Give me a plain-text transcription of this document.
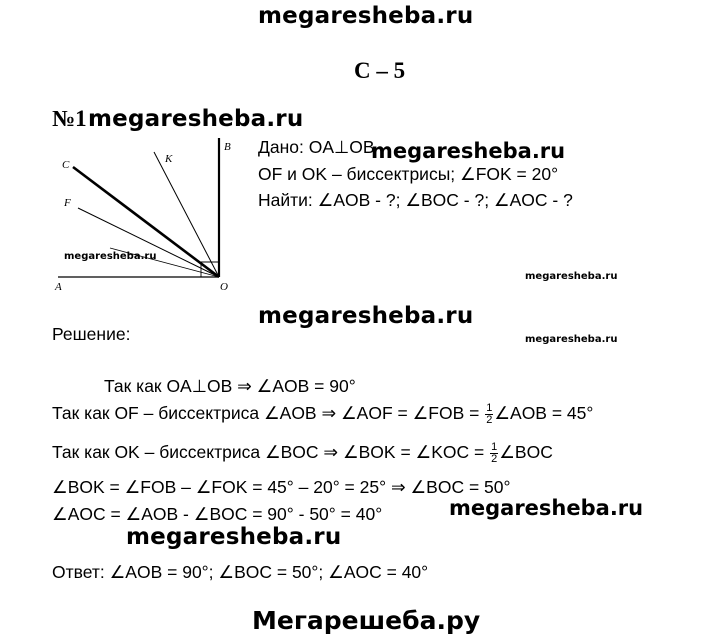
megaresheba.ru
С – 5
№1 megaresheba.ru
C	K
B
F
A	O
megaresheba.ru
Дано: OA⊥OB
megaresheba.ru
OF и OK – биссектрисы; ∠FOK = 20°
Найти: ∠AOB - ?; ∠BOC - ?; ∠AOC - ?
megaresheba.ru
megaresheba.ru
megaresheba.ru
Решение:
Так как OA⊥OB ⇒ ∠AOB = 90°
Так как OF – биссектриса ∠AOB ⇒ ∠AOF = ∠FOB = $\frac{1}{2}$ ∠AOB = 45°
Так как OK – биссектриса ∠BOC ⇒ ∠BOK = ∠KOC = $\frac{1}{2}$ ∠BOC
∠BOK = ∠FOB – ∠FOK = 45° – 20° = 25° ⇒ ∠BOC = 50°
∠AOC = ∠AOB - ∠BOC = 90° - 50° = 40°	megaresheba.ru
megaresheba.ru
Ответ: ∠AOB = 90°; ∠BOC = 50°; ∠AOC = 40°
Мегарешеба.ру
